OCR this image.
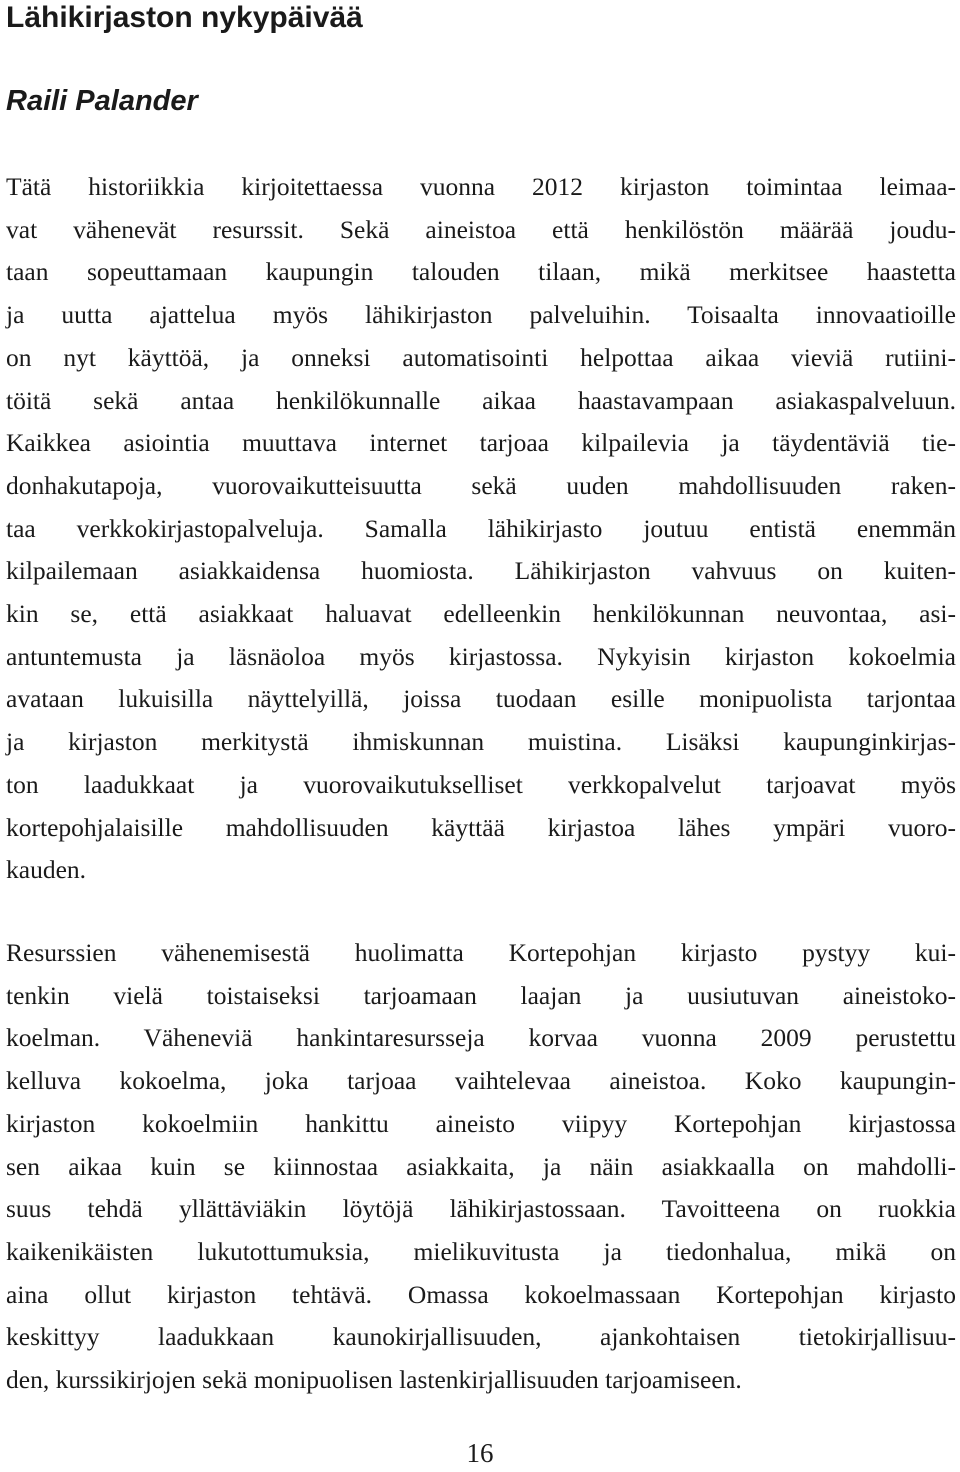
Lähikirjaston nykypäivää
Raili Palander

Tätä historiikkia kirjoitettaessa vuonna 2012 kirjaston toimintaa leimaa-
vat vähenevät resurssit. Sekä aineistoa että henkilöstön määrää joudu-
taan sopeuttamaan kaupungin talouden tilaan, mikä merkitsee haastetta
ja uutta ajattelua myös lähikirjaston palveluihin. Toisaalta innovaatioille
on nyt käyttöä, ja onneksi automatisointi helpottaa aikaa vieviä rutiini-
töitä sekä antaa henkilökunnalle aikaa haastavampaan asiakaspalveluun.
Kaikkea asiointia muuttava internet tarjoaa kilpailevia ja täydentäviä tie-
donhakutapoja, vuorovaikutteisuutta sekä uuden mahdollisuuden raken-
taa verkkokirjastopalveluja. Samalla lähikirjasto joutuu entistä enemmän
kilpailemaan asiakkaidensa huomiosta. Lähikirjaston vahvuus on kuiten-
kin se, että asiakkaat haluavat edelleenkin henkilökunnan neuvontaa, asi-
antuntemusta ja läsnäoloa myös kirjastossa. Nykyisin kirjaston kokoelmia
avataan lukuisilla näyttelyillä, joissa tuodaan esille monipuolista tarjontaa
ja kirjaston merkitystä ihmiskunnan muistina. Lisäksi kaupunginkirjas-
ton laadukkaat ja vuorovaikutukselliset verkkopalvelut tarjoavat myös
kortepohjalaisille mahdollisuuden käyttää kirjastoa lähes ympäri vuoro-
kauden.

Resurssien vähenemisestä huolimatta Kortepohjan kirjasto pystyy kui-
tenkin vielä toistaiseksi tarjoamaan laajan ja uusiutuvan aineistoko-
koelman. Väheneviä hankintaresursseja korvaa vuonna 2009 perustettu
kelluva kokoelma, joka tarjoaa vaihtelevaa aineistoa. Koko kaupungin-
kirjaston kokoelmiin hankittu aineisto viipyy Kortepohjan kirjastossa
sen aikaa kuin se kiinnostaa asiakkaita, ja näin asiakkaalla on mahdolli-
suus tehdä yllättäviäkin löytöjä lähikirjastossaan. Tavoitteena on ruokkia
kaikenikäisten lukutottumuksia, mielikuvitusta ja tiedonhalua, mikä on
aina ollut kirjaston tehtävä. Omassa kokoelmassaan Kortepohjan kirjasto
keskittyy laadukkaan kaunokirjallisuuden, ajankohtaisen tietokirjallisuu-
den, kurssikirjojen sekä monipuolisen lastenkirjallisuuden tarjoamiseen.

16
